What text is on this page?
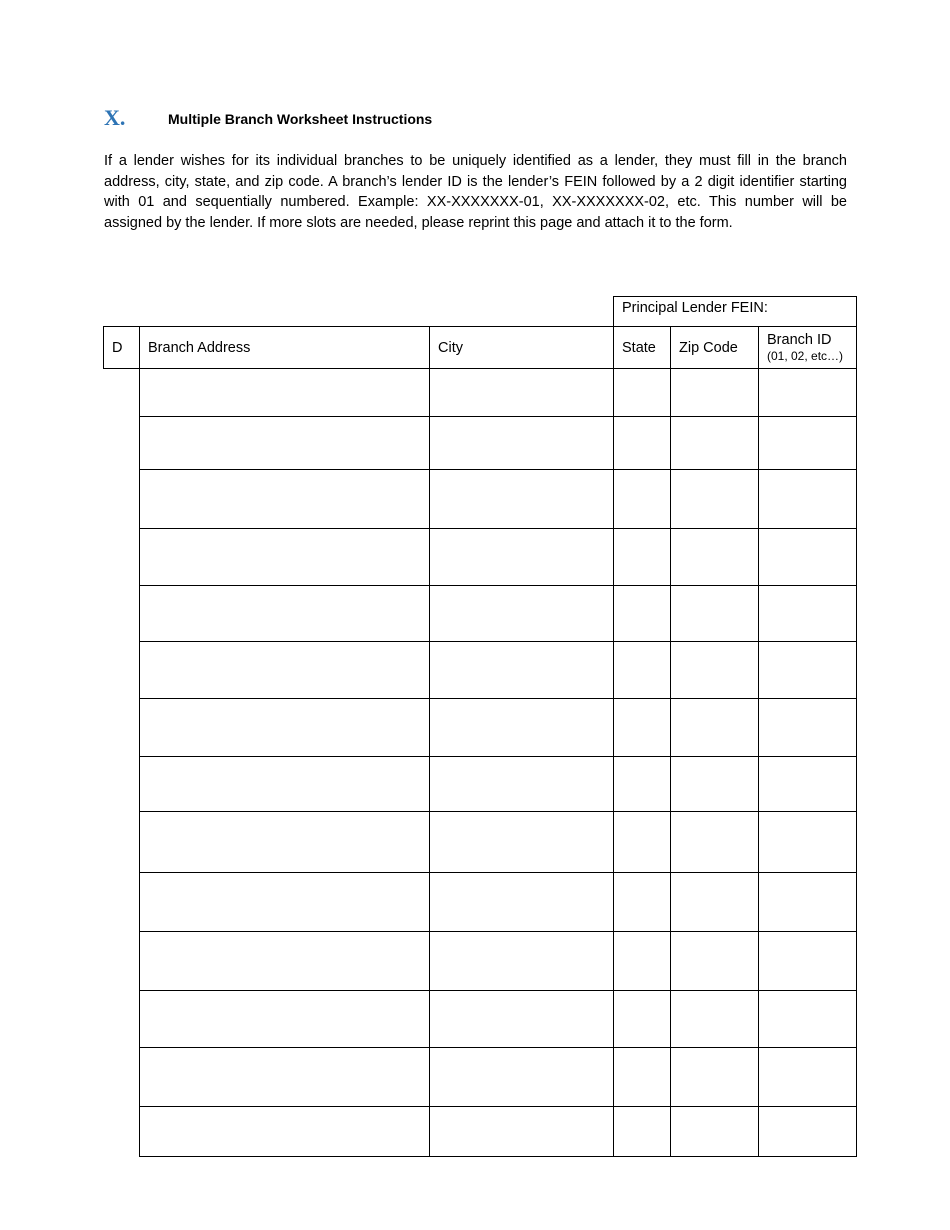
X.	Multiple Branch Worksheet Instructions

If a lender wishes for its individual branches to be uniquely identified as a lender, they must fill in the branch address, city, state, and zip code. A branch’s lender ID is the lender’s FEIN followed by a 2 digit identifier starting with 01 and sequentially numbered. Example: XX-XXXXXXX-01, XX-XXXXXXX-02, etc. This number will be assigned by the lender. If more slots are needed, please reprint this page and attach it to the form.

			Principal Lender FEIN:		
D	Branch Address	City	State	Zip Code	Branch ID
(01, 02, etc…)
